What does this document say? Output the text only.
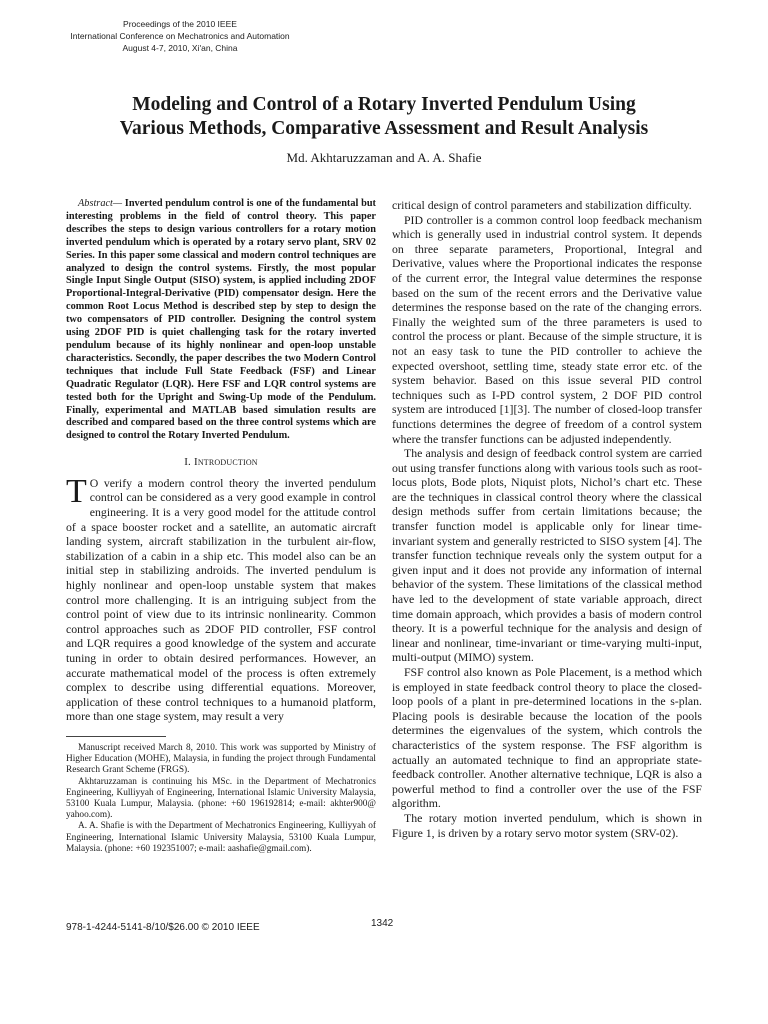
Proceedings of the 2010 IEEE
International Conference on Mechatronics and Automation
August 4-7, 2010, Xi'an, China
Modeling and Control of a Rotary Inverted Pendulum Using
Various Methods, Comparative Assessment and Result Analysis
Md. Akhtaruzzaman and A. A. Shafie

Abstract— Inverted pendulum control is one of the fundamental but interesting problems in the field of control theory. This paper describes the steps to design various controllers for a rotary motion inverted pendulum which is operated by a rotary servo plant, SRV 02 Series. In this paper some classical and modern control techniques are analyzed to design the control systems. Firstly, the most popular Single Input Single Output (SISO) system, is applied including 2DOF Proportional-Integral-Derivative (PID) compensator design. Here the common Root Locus Method is described step by step to design the two compensators of PID controller. Designing the control system using 2DOF PID is quiet challenging task for the rotary inverted pendulum because of its highly nonlinear and open-loop unstable characteristics. Secondly, the paper describes the two Modern Control techniques that include Full State Feedback (FSF) and Linear Quadratic Regulator (LQR). Here FSF and LQR control systems are tested both for the Upright and Swing-Up mode of the Pendulum. Finally, experimental and MATLAB based simulation results are described and compared based on the three control systems which are designed to control the Rotary Inverted Pendulum.

I. Introduction

T O verify a modern control theory the inverted pendulum control can be considered as a very good example in control engineering. It is a very good model for the attitude control of a space booster rocket and a satellite, an automatic aircraft landing system, aircraft stabilization in the turbulent air-flow, stabilization of a cabin in a ship etc. This model also can be an initial step in stabilizing androids. The inverted pendulum is highly nonlinear and open-loop unstable system that makes control more challenging. It is an intriguing subject from the control point of view due to its intrinsic nonlinearity. Common control approaches such as 2DOF PID controller, FSF control and LQR requires a good knowledge of the system and accurate tuning in order to obtain desired performances. However, an accurate mathematical model of the process is often extremely complex to describe using differential equations. Moreover, application of these control techniques to a humanoid platform, more than one stage system, may result a very

Manuscript received March 8, 2010. This work was supported by Ministry of Higher Education (MOHE), Malaysia, in funding the project through Fundamental Research Grant Scheme (FRGS).

Akhtaruzzaman is continuing his MSc. in the Department of Mechatronics Engineering, Kulliyyah of Engineering, International Islamic University Malaysia, 53100 Kuala Lumpur, Malaysia. (phone: +60 196192814; e-mail: akhter900@ yahoo.com).

A. A. Shafie is with the Department of Mechatronics Engineering, Kulliyyah of Engineering, International Islamic University Malaysia, 53100 Kuala Lumpur, Malaysia. (phone: +60 192351007; e-mail: aashafie@gmail.com).

critical design of control parameters and stabilization difficulty.

PID controller is a common control loop feedback mechanism which is generally used in industrial control system. It depends on three separate parameters, Proportional, Integral and Derivative, values where the Proportional indicates the response of the current error, the Integral value determines the response based on the sum of the recent errors and the Derivative value determines the response based on the rate of the changing errors. Finally the weighted sum of the three parameters is used to control the process or plant. Because of the simple structure, it is not an easy task to tune the PID controller to achieve the expected overshoot, settling time, steady state error etc. of the system behavior. Based on this issue several PID control techniques such as I-PD control system, 2 DOF PID control system are introduced [1][3]. The number of closed-loop transfer functions determines the degree of freedom of a control system where the transfer functions can be adjusted independently.

The analysis and design of feedback control system are carried out using transfer functions along with various tools such as root-locus plots, Bode plots, Niquist plots, Nichol’s chart etc. These are the techniques in classical control theory where the classical design methods suffer from certain limitations because; the transfer function model is applicable only for linear time-invariant system and generally restricted to SISO system [4]. The transfer function technique reveals only the system output for a given input and it does not provide any information of internal behavior of the system. These limitations of the classical method have led to the development of state variable approach, direct time domain approach, which provides a basis of modern control theory. It is a powerful technique for the analysis and design of linear and nonlinear, time-invariant or time-varying multi-input, multi-output (MIMO) system.

FSF control also known as Pole Placement, is a method which is employed in state feedback control theory to place the closed-loop pools of a plant in pre-determined locations in the s-plan. Placing pools is desirable because the location of the pools determines the eigenvalues of the system, which controls the characteristics of the system response. The FSF algorithm is actually an automated technique to find an appropriate state-feedback controller. Another alternative technique, LQR is also a powerful method to find a controller over the use of the FSF algorithm.

The rotary motion inverted pendulum, which is shown in Figure 1, is driven by a rotary servo motor system (SRV-02).

978-1-4244-5141-8/10/$26.00 © 2010 IEEE	1342
